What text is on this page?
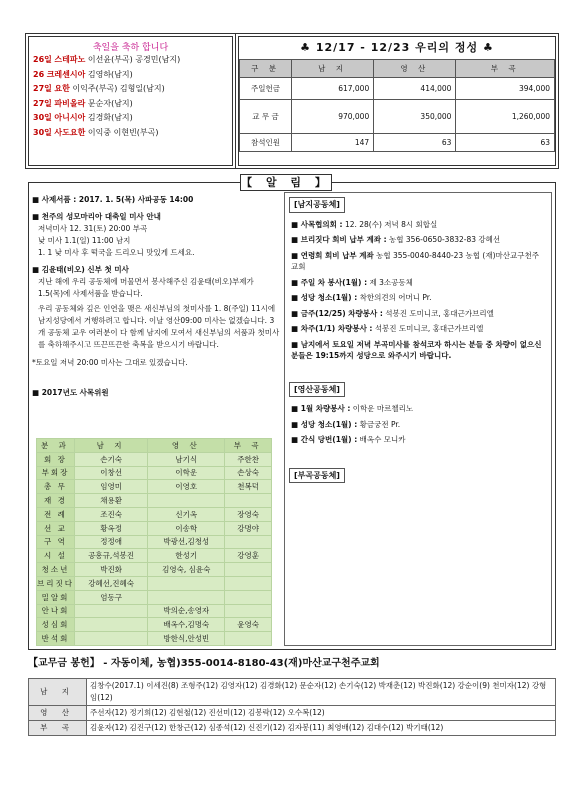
축일을 축하 합니다
26일 스테파노 이선윤(부곡) 공경민(남지)
26 크레센시아 김영하(남지)
27일 요한 이익주(부곡) 김형일(남지)
27일 파비올라 문순자(남지)
30일 아니시아 김경화(남지)
30일 사도요한 이익중 이현빈(부곡)
♣ 12/17 - 12/23 우리의 정성 ♣
구 분	남 지	영 산	부 곡
주일헌금	617,000	414,000	394,000
교 무 금	970,000	350,000	1,260,000
참석인원	147	63	63
【 알 림 】
■ 사제서품 : 2017. 1. 5(목) 사파공동 14:00
■ 천주의 성모마리아 대축일 미사 안내
저녁미사 12. 31(토) 20:00 부곡
낮 미사 1.1(일) 11:00 남지
1. 1 낮 미사 후 떡국을 드리오니 맛있게 드세요.
■ 김윤태(비오) 신부 첫 미사
지난 해에 우리 공동체에 머물면서 봉사해주신 김윤태(비오)부제가 1.5(목)에 사제서품을 받습니다.
우리 공동체와 깊은 인연을 맺은 새신부님의 첫미사를 1. 8(주일) 11시에 남지성당에서 거행하려고 합니다. 이날 영산09:00 미사는 없겠습니다. 3개 공동체 교우 여러분이 다 함께 남지에 모여서 새신부님의 서품과 첫미사를 축하해주시고 뜨끈뜨끈한 축복을 받으시기 바랍니다.
*토요일 저녁 20:00 미사는 그대로 있겠습니다.
■ 2017년도 사목위원
분 과	남 지	영 산	부 곡
회 장	손기숙	남기식	주한찬
부회장	이창선	이학운	손상숙
총 무	임영미	이영호	천복덕
재 경	채용환		
전 례	조진숙	신기옥	장영숙
선 교	황옥정	이송학	강명야
구 역	정정애	박광선,김청성	
시 설	공흥규,석봉진	한성기	강영훈
청소년	박진화	김영숙, 심윤숙	
브리짓다	강혜선,진혜숙		
밀알회	엄동구		
안나회		박의순,송영자	
성심회		배옥수,김명숙	윤영숙
반석회		방한식,안성빈	
[남지공동체]
■ 사목협의회 : 12. 28(수) 저녁 8시 회합실
■ 브리짓다 회비 납부 계좌 : 농협 356-0650-3832-83 강혜선
■ 연령회 회비 납부 계좌 농협 355-0040-8440-23 농협 (재)마산교구천주교회
■ 주일 차 봉사(1월) : 제 3소공동체
■ 성당 청소(1월) : 착한의견의 어머니 Pr.
■ 금주(12/25) 차량봉사 : 석봉진 도미니코, 홍대근가브리엘
■ 차주(1/1) 차량봉사 : 석봉진 도미니코, 홍대근가브리엘
■ 남지에서 토요일 저녁 부곡미사를 참석코자 하시는 분들 중 차량이 없으신 분들은 19:15까지 성당으로 와주시기 바랍니다.
[영산공동체]
■ 1월 차량봉사 : 이학운 마르첼리노
■ 성당 청소(1월) : 황금궁전 Pr.
■ 간식 당번(1월) : 배옥수 모니카
[부곡공동체]
【교무금 봉헌】 - 자동이체, 농협)355-0014-8180-43(재)마산교구천주교회
남 지	김창수(2017.1) 이세진(8) 조형주(12) 김영자(12) 김경화(12) 문순자(12) 손기숙(12) 박재춘(12) 박진화(12) 강순이(9) 천미자(12) 강형임(12)
영 산	주선자(12) 정기희(12) 김현철(12) 진선미(12) 김봉락(12) 오수복(12)
부 곡	김윤자(12) 김진구(12) 한창근(12) 심종석(12) 신진기(12) 김자봉(11) 최영배(12) 김대수(12) 박기태(12)
